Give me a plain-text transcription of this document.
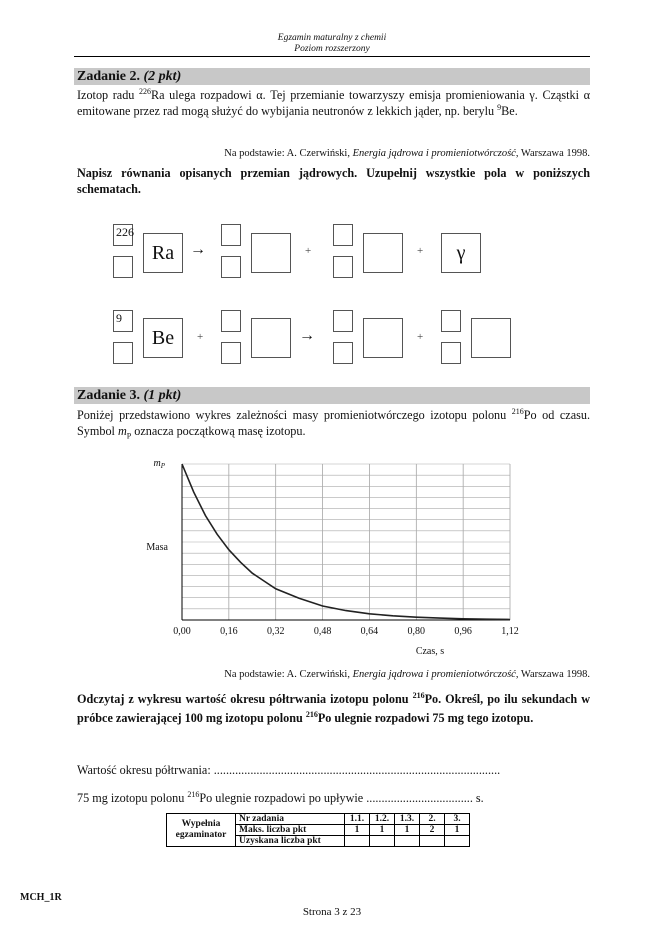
Egzamin maturalny z chemii
Poziom rozszerzony
Zadanie 2. (2 pkt)
Izotop radu $^{226}$Ra ulega rozpadowi α. Tej przemianie towarzyszy emisja promieniowania γ. Cząstki α emitowane przez rad mogą służyć do wybijania neutronów z lekkich jąder, np. berylu $^9$Be.
Na podstawie: A. Czerwiński, Energia jądrowa i promieniotwórczość, Warszawa 1998.
Napisz równania opisanych przemian jądrowych. Uzupełnij wszystkie pola w poniższych schematach.
226
Ra →	+	+	γ
9
Be	+	→	+
Zadanie 3. (1 pkt)
Poniżej przedstawiono wykres zależności masy promieniotwórczego izotopu polonu $^{216}$Po od czasu. Symbol $m_P$ oznacza początkową masę izotopu.
0,00	0,16	0,32	0,48	0,64	0,80	0,96	1,12
$m_P$
Masa
Czas, s
Na podstawie: A. Czerwiński, Energia jądrowa i promieniotwórczość, Warszawa 1998.
Odczytaj z wykresu wartość okresu półtrwania izotopu polonu $^{216}$Po. Określ, po ilu sekundach w próbce zawierającej 100 mg izotopu polonu $^{216}$Po ulegnie rozpadowi 75 mg tego izotopu.
Wartość okresu półtrwania: ..............................................................................................
75 mg izotopu polonu $^{216}$Po ulegnie rozpadowi po upływie ................................... s.
Wypełnia
egzaminator	Nr zadania	1.1.	1.2.	1.3.	2.	3.
	Maks. liczba pkt	1	1	1	2	1
	Uzyskana liczba pkt					
MCH_1R
Strona 3 z 23
